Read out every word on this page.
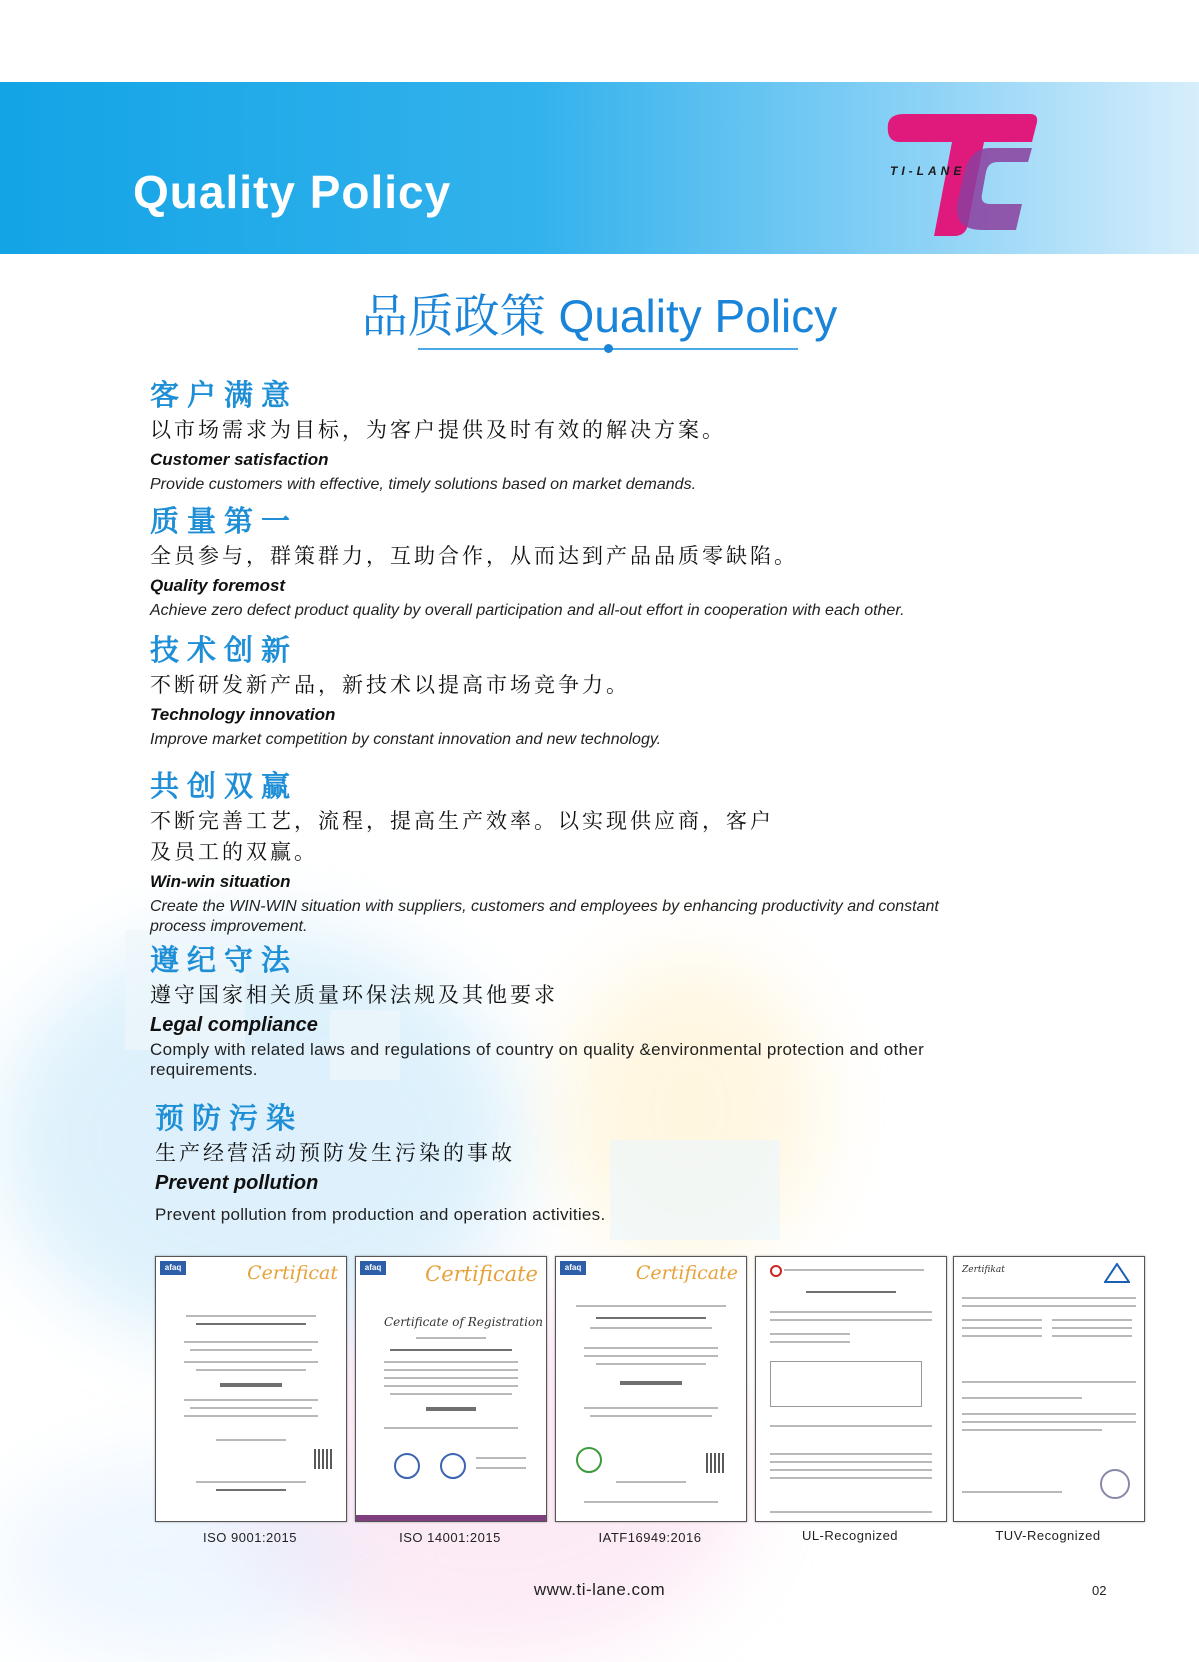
Quality Policy	TI-LANE
品质政策 Quality Policy
客户满意
以市场需求为目标，为客户提供及时有效的解决方案。
Customer satisfaction
Provide customers with effective, timely solutions based on market demands.
质量第一
全员参与，群策群力，互助合作，从而达到产品品质零缺陷。
Quality foremost
Achieve zero defect product quality by overall participation and all-out effort in cooperation with each other.
技术创新
不断研发新产品，新技术以提高市场竞争力。
Technology innovation
Improve market competition by constant innovation and new technology.
共创双赢
不断完善工艺，流程，提高生产效率。以实现供应商，客户及员工的双赢。
Win-win situation
Create the WIN-WIN situation with suppliers, customers and employees by enhancing productivity and constant process improvement.
遵纪守法
遵守国家相关质量环保法规及其他要求
Legal compliance
Comply with related laws and regulations of country on quality &environmental protection and other requirements.
预防污染
生产经营活动预防发生污染的事故
Prevent pollution
Prevent pollution from production and operation activities.
afaq	Certificat
ISO 9001:2015
afaq Certificate
Certificate of Registration
ISO 14001:2015
afaq	Certificate
IATF16949:2016	UL-Recognized
Zertifikat
TUV-Recognized
www.ti-lane.com	02
